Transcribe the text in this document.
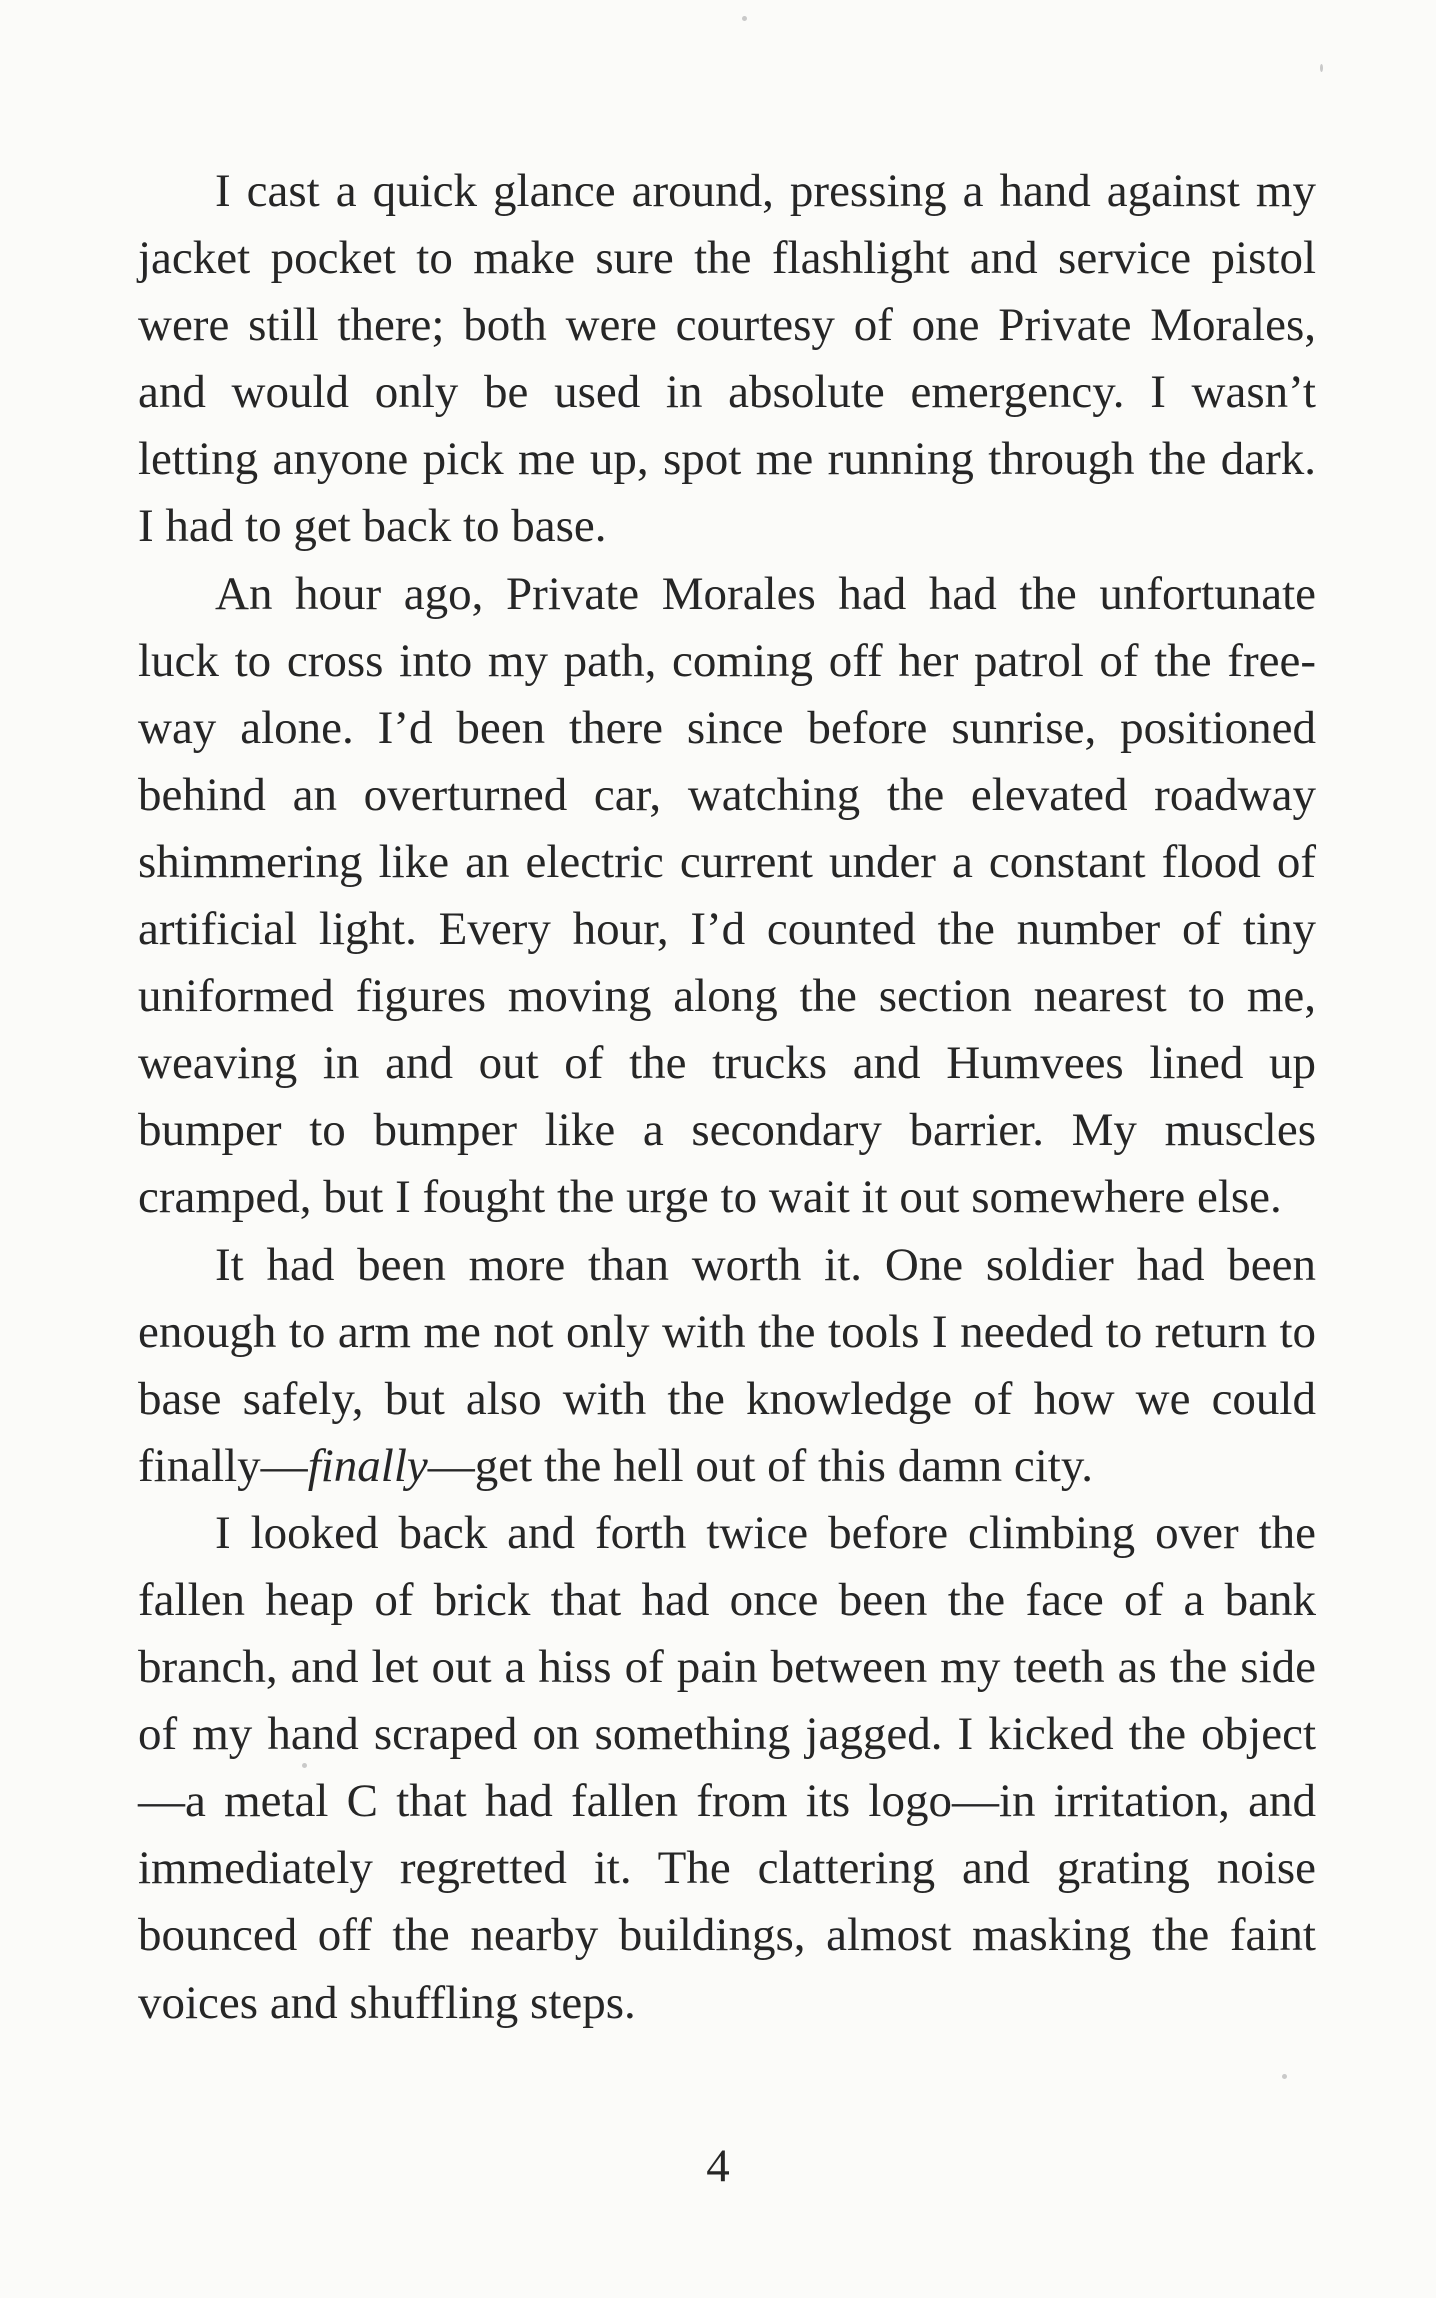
I cast a quick glance around, pressing a hand against my jacket pocket to make sure the flashlight and service pistol were still there; both were courtesy of one Private Morales, and would only be used in absolute emergency. I wasn’t letting anyone pick me up, spot me running through the dark. I had to get back to base.

An hour ago, Private Morales had had the unfortunate luck to cross into my path, coming off her patrol of the freeway alone. I’d been there since before sunrise, positioned behind an overturned car, watching the elevated roadway shimmering like an electric current under a constant flood of artificial light. Every hour, I’d counted the number of tiny uniformed figures moving along the section nearest to me, weaving in and out of the trucks and Humvees lined up bumper to bumper like a secondary barrier. My muscles cramped, but I fought the urge to wait it out somewhere else.

It had been more than worth it. One soldier had been enough to arm me not only with the tools I needed to return to base safely, but also with the knowledge of how we could finally—finally—get the hell out of this damn city.

I looked back and forth twice before climbing over the fallen heap of brick that had once been the face of a bank branch, and let out a hiss of pain between my teeth as the side of my hand scraped on something jagged. I kicked the object—a metal C that had fallen from its logo—in irritation, and immediately regretted it. The clattering and grating noise bounced off the nearby buildings, almost masking the faint voices and shuffling steps.

4
